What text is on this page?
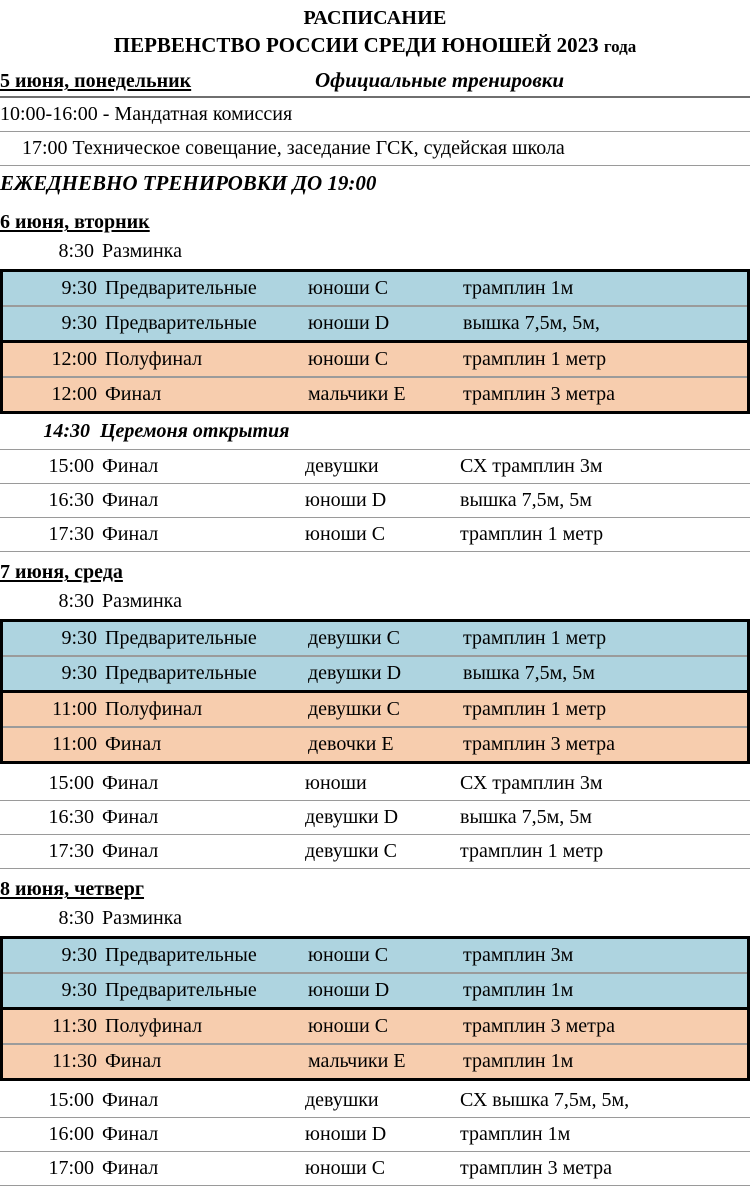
РАСПИСАНИЕ
ПЕРВЕНСТВО РОССИИ СРЕДИ ЮНОШЕЙ 2023 года
5 июня, понедельник	Официальные тренировки
10:00-16:00 - Мандатная комиссия
17:00 Техническое совещание, заседание ГСК, судейская школа
ЕЖЕДНЕВНО ТРЕНИРОВКИ ДО 19:00
6 июня, вторник
8:30 Разминка
9:30 Предварительные	юноши С	трамплин 1м
9:30 Предварительные	юноши D	вышка 7,5м, 5м,
12:00 Полуфинал	юноши С	трамплин 1 метр
12:00 Финал	мальчики Е	трамплин 3 метра
14:30 Церемоня открытия
15:00 Финал	девушки	СХ трамплин 3м
16:30 Финал	юноши D	вышка 7,5м, 5м
17:30 Финал	юноши С	трамплин 1 метр
7 июня, среда
8:30 Разминка
9:30 Предварительные	девушки С	трамплин 1 метр
9:30 Предварительные	девушки D	вышка 7,5м, 5м
11:00 Полуфинал	девушки С	трамплин 1 метр
11:00 Финал	девочки Е	трамплин 3 метра
15:00 Финал	юноши	СХ трамплин 3м
16:30 Финал	девушки D	вышка 7,5м, 5м
17:30 Финал	девушки С	трамплин 1 метр
8 июня, четверг
8:30 Разминка
9:30 Предварительные	юноши С	трамплин 3м
9:30 Предварительные	юноши D	трамплин 1м
11:30 Полуфинал	юноши С	трамплин 3 метра
11:30 Финал	мальчики Е	трамплин 1м
15:00 Финал	девушки	СХ вышка 7,5м, 5м,
16:00 Финал	юноши D	трамплин 1м
17:00 Финал	юноши С	трамплин 3 метра
